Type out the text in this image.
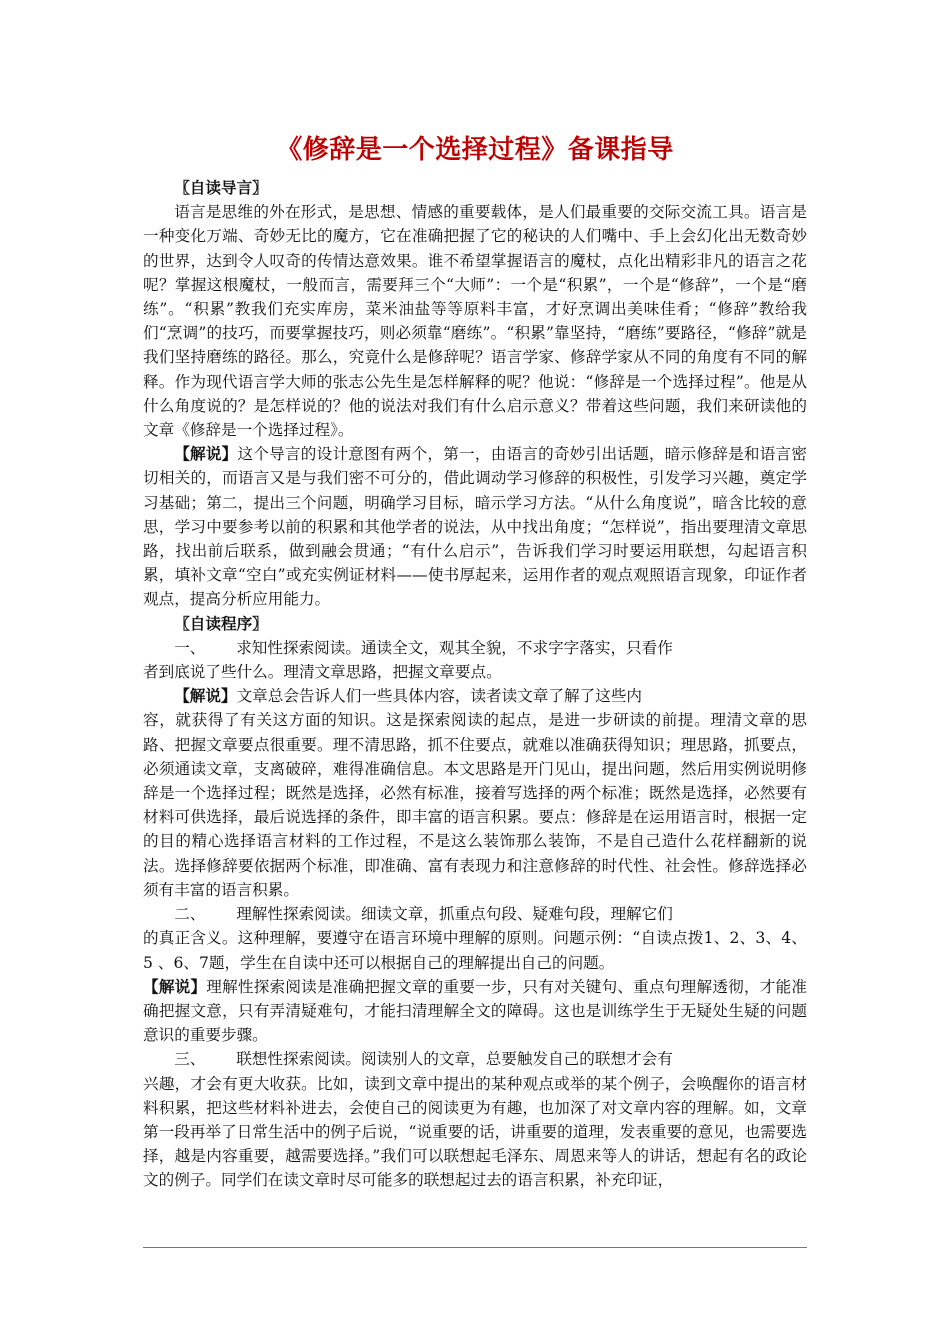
《修辞是一个选择过程》备课指导

〖自读导言〗

语言是思维的外在形式，是思想、情感的重要载体，是人们最重要的交际交流工具。语言是一种变化万端、奇妙无比的魔方，它在准确把握了它的秘诀的人们嘴中、手上会幻化出无数奇妙的世界，达到令人叹奇的传情达意效果。谁不希望掌握语言的魔杖，点化出精彩非凡的语言之花呢？掌握这根魔杖，一般而言，需要拜三个“大师”：一个是“积累”，一个是“修辞”，一个是“磨练”。“积累”教我们充实库房，菜米油盐等等原料丰富，才好烹调出美味佳肴；“修辞”教给我们“烹调”的技巧，而要掌握技巧，则必须靠“磨练”。“积累”靠坚持，“磨练”要路径，“修辞”就是我们坚持磨练的路径。那么，究竟什么是修辞呢？语言学家、修辞学家从不同的角度有不同的解释。作为现代语言学大师的张志公先生是怎样解释的呢？他说：“修辞是一个选择过程”。他是从什么角度说的？是怎样说的？他的说法对我们有什么启示意义？带着这些问题，我们来研读他的文章《修辞是一个选择过程》。

【解说】这个导言的设计意图有两个，第一，由语言的奇妙引出话题，暗示修辞是和语言密切相关的，而语言又是与我们密不可分的，借此调动学习修辞的积极性，引发学习兴趣，奠定学习基础；第二，提出三个问题，明确学习目标，暗示学习方法。“从什么角度说”，暗含比较的意思，学习中要参考以前的积累和其他学者的说法，从中找出角度；“怎样说”，指出要理清文章思路，找出前后联系，做到融会贯通；“有什么启示”，告诉我们学习时要运用联想，勾起语言积累，填补文章“空白”或充实例证材料——使书厚起来，运用作者的观点观照语言现象，印证作者观点，提高分析应用能力。

〖自读程序〗

一、 求知性探索阅读。通读全文，观其全貌，不求字字落实，只看作

者到底说了些什么。理清文章思路，把握文章要点。

【解说】文章总会告诉人们一些具体内容，读者读文章了解了这些内

容，就获得了有关这方面的知识。这是探索阅读的起点，是进一步研读的前提。理清文章的思路、把握文章要点很重要。理不清思路，抓不住要点，就难以准确获得知识；理思路，抓要点，必须通读文章，支离破碎，难得准确信息。本文思路是开门见山，提出问题，然后用实例说明修辞是一个选择过程；既然是选择，必然有标准，接着写选择的两个标准；既然是选择，必然要有材料可供选择，最后说选择的条件，即丰富的语言积累。要点：修辞是在运用语言时，根据一定的目的精心选择语言材料的工作过程，不是这么装饰那么装饰，不是自己造什么花样翻新的说法。选择修辞要依据两个标准，即准确、富有表现力和注意修辞的时代性、社会性。修辞选择必须有丰富的语言积累。

二、 理解性探索阅读。细读文章，抓重点句段、疑难句段，理解它们

的真正含义。这种理解，要遵守在语言环境中理解的原则。问题示例：“自读点拨1、2、3、4、5 、6、7题，学生在自读中还可以根据自己的理解提出自己的问题。

【解说】理解性探索阅读是准确把握文章的重要一步，只有对关键句、重点句理解透彻，才能准确把握文意，只有弄清疑难句，才能扫清理解全文的障碍。这也是训练学生于无疑处生疑的问题意识的重要步骤。

三、 联想性探索阅读。阅读别人的文章，总要触发自己的联想才会有

兴趣，才会有更大收获。比如，读到文章中提出的某种观点或举的某个例子，会唤醒你的语言材料积累，把这些材料补进去，会使自己的阅读更为有趣，也加深了对文章内容的理解。如，文章第一段再举了日常生活中的例子后说，“说重要的话，讲重要的道理，发表重要的意见，也需要选择，越是内容重要，越需要选择。”我们可以联想起毛泽东、周恩来等人的讲话，想起有名的政论文的例子。同学们在读文章时尽可能多的联想起过去的语言积累，补充印证，
